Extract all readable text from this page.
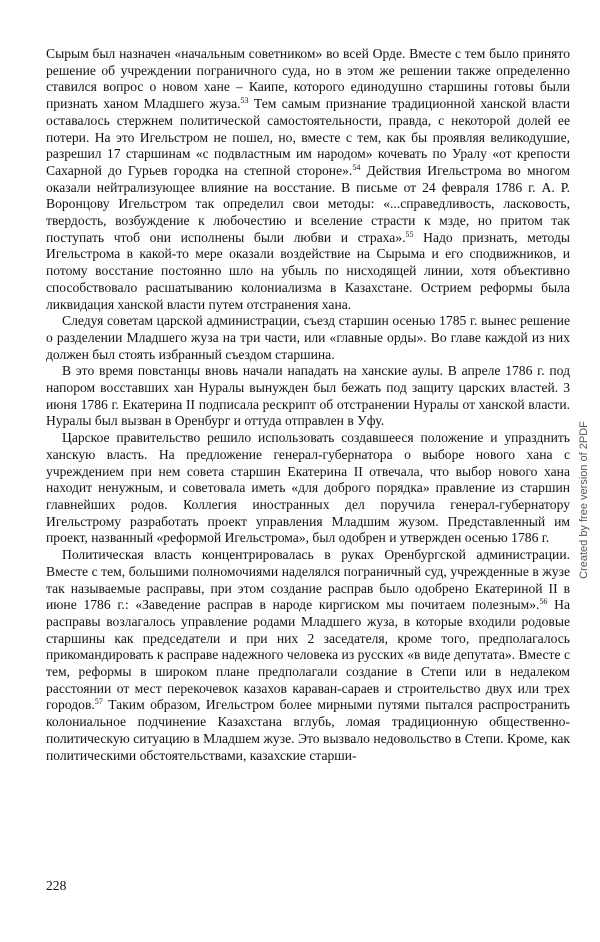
Сырым был назначен «начальным советником» во всей Орде. Вместе с тем было принято решение об учреждении пограничного суда, но в этом же решении также определенно ставился вопрос о новом хане – Каипе, которого единодушно старшины готовы были признать ханом Младшего жуза.$^{53}$ Тем самым признание традиционной ханской власти оставалось стержнем политической самостоятельности, правда, с некоторой долей ее потери. На это Игельстром не пошел, но, вместе с тем, как бы проявляя великодушие, разрешил 17 старшинам «с подвластным им народом» кочевать по Уралу «от крепости Сахарной до Гурьев городка на степной стороне».$^{54}$ Действия Игельстрома во многом оказали нейтрализующее влияние на восстание. В письме от 24 февраля 1786 г. А. Р. Воронцову Игельстром так определил свои методы: «...справедливость, ласковость, твердость, возбуждение к любочестию и вселение страсти к мзде, но притом так поступать чтоб они исполнены были любви и страха».$^{55}$ Надо признать, методы Игельстрома в какой-то мере оказали воздействие на Сырыма и его сподвижников, и потому восстание постоянно шло на убыль по нисходящей линии, хотя объективно способствовало расшатыванию колониализма в Казахстане. Острием реформы была ликвидация ханской власти путем отстранения хана.

Следуя советам царской администрации, съезд старшин осенью 1785 г. вынес решение о разделении Младшего жуза на три части, или «главные орды». Во главе каждой из них должен был стоять избранный съездом старшина.

В это время повстанцы вновь начали нападать на ханские аулы. В апреле 1786 г. под напором восставших хан Нуралы вынужден был бежать под защиту царских властей. 3 июня 1786 г. Екатерина II подписала рескрипт об отстранении Нуралы от ханской власти. Нуралы был вызван в Оренбург и оттуда отправлен в Уфу.

Царское правительство решило использовать создавшееся положение и упразднить ханскую власть. На предложение генерал-губернатора о выборе нового хана с учреждением при нем совета старшин Екатерина II отвечала, что выбор нового хана находит ненужным, и советовала иметь «для доброго порядка» правление из старшин главнейших родов. Коллегия иностранных дел поручила генерал-губернатору Игельстрому разработать проект управления Младшим жузом. Представленный им проект, названный «реформой Игельстрома», был одобрен и утвержден осенью 1786 г.

Политическая власть концентрировалась в руках Оренбургской администрации. Вместе с тем, большими полномочиями наделялся пограничный суд, учрежденные в жузе так называемые расправы, при этом создание расправ было одобрено Екатериной II в июне 1786 г.: «Заведение расправ в народе киргиском мы почитаем полезным».$^{56}$ На расправы возлагалось управление родами Младшего жуза, в которые входили родовые старшины как председатели и при них 2 заседателя, кроме того, предполагалось прикомандировать к расправе надежного человека из русских «в виде депутата». Вместе с тем, реформы в широком плане предполагали создание в Степи или в недалеком расстоянии от мест перекочевок казахов караван-сараев и строительство двух или трех городов.$^{57}$ Таким образом, Игельстром более мирными путями пытался распространить колониальное подчинение Казахстана вглубь, ломая традиционную общественно-политическую ситуацию в Младшем жузе. Это вызвало недовольство в Степи. Кроме, как политическими обстоятельствами, казахские старши-

Created by free version of 2PDF
228
